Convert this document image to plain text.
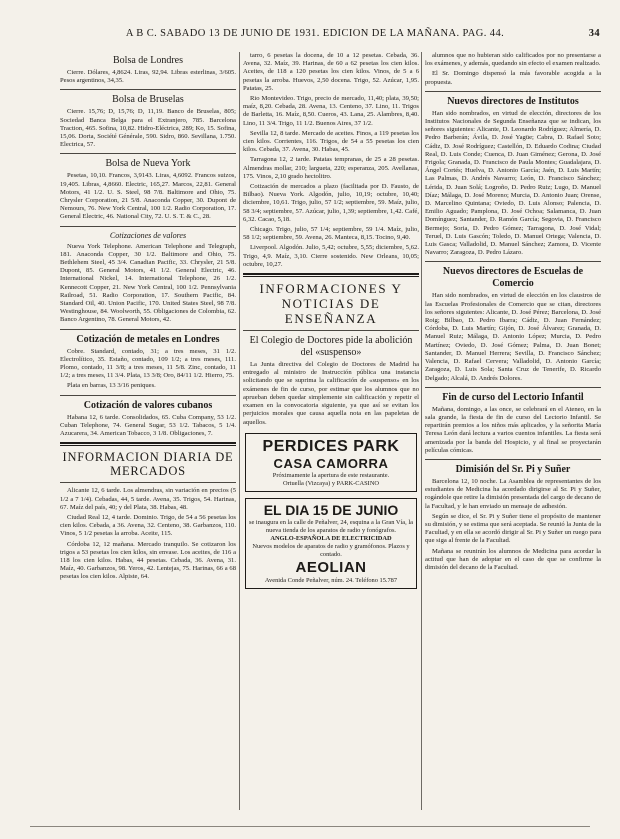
A B C. SABADO 13 DE JUNIO DE 1931. EDICION DE LA MAÑANA. PAG. 44.	34
Bolsa de Londres

Cierre. Dólares, 4,8624. Liras, 92,94. Libras esterlinas, 3/605. Pesos argentinos, 34,35.

Bolsa de Bruselas

Cierre. 15,76; D, 15,76; D, 11,19. Banco de Bruselas, 805; Sociedad Banca Belga para el Extranjero, 785. Barcelona Traction, 465. Sofina, 10,82. Hidro-Eléctrica, 289; Ko, 15. Sofina, 15,06. Dorta, Société Générale, 590. Sidro, 860. Sevillana, 1.750. Electrica, 57.

Bolsa de Nueva York

Pesetas, 10,10. Francos, 3,9143. Liras, 4,6092. Francos suizos, 19,405. Libras, 4,8660. Electric, 165,27. Marcos, 22,81. General Motors, 41 1/2. U. S. Steel, 98 7/8. Baltimore and Ohio, 75. Chrysler Corporation, 21 5/8. Anaconda Copper, 30. Dupont de Nemours, 76. New York Central, 100 1/2. Radio Corporation, 17. General Electric, 46. National City, 72. U. S. T. & C., 28.

Cotizaciones de valores

Nueva York Telephone. American Telephone and Telegraph, 181. Anaconda Copper, 30 1/2. Baltimore and Ohio, 75. Bethlehem Steel, 45 3/4. Canadian Pacific, 33. Chrysler, 21 5/8. Dupont, 85. General Motors, 41 1/2. General Electric, 46. International Nickel, 14. International Telephone, 26 1/2. Kennecott Copper, 21. New York Central, 100 1/2. Pennsylvania Railroad, 51. Radio Corporation, 17. Southern Pacific, 84. Standard Oil, 40. Union Pacific, 170. United States Steel, 98 7/8. Westinghouse, 84. Woolworth, 55. Obligaciones de Colombia, 62. Banco Argentino, 78. General Motors, 42.

Cotización de metales en Londres

Cobre. Standard, contado, 31; a tres meses, 31 1/2. Electrolítico, 35. Estaño, contado, 109 1/2; a tres meses, 111. Plomo, contado, 11 3/8; a tres meses, 11 5/8. Zinc, contado, 11 1/2; a tres meses, 11 3/4. Plata, 13 3/8; Oro, 84/11 1/2. Hierro, 75.

Plata en barras, 13 3/16 peniques.

Cotización de valores cubanos

Habana 12, 6 tarde. Consolidados, 65. Cuba Company, 53 1/2. Cuban Telephone, 74. General Sugar, 53 1/2. Tabacos, 5 1/4. Azucarera, 34. American Tobacco, 3 1/8. Obligaciones, 7.

INFORMACION DIARIA DE MERCADOS

Alicante 12, 6 tarde. Los almendras, sin variación en precios (5 1/2 a 7 1/4). Cebadas, 44, 5 tarde. Avena, 35. Trigos, 54. Harinas, 67. Maíz del país, 40; y del Plata, 38. Habas, 48.

Ciudad Real 12, 4 tarde. Dominio. Trigo, de 54 a 56 pesetas los cien kilos. Cebada, a 36. Avena, 32. Centeno, 38. Garbanzos, 110. Vinos, 5 1/2 pesetas la arroba. Aceite, 115.

Córdoba 12, 12 mañana. Mercado tranquilo. Se cotizaron los trigos a 53 pesetas los cien kilos, sin envase. Los aceites, de 116 a 118 los cien kilos. Habas, 44 pesetas. Cebada, 36. Avena, 31. Maíz, 40. Garbanzos, 98. Yeros, 42. Lentejas, 75. Harinas, 66 a 68 pesetas los cien kilos. Alpiste, 64.

tarro, 6 pesetas la docena, de 10 a 12 pesetas. Cebada, 36. Avena, 32. Maíz, 39. Harinas, de 60 a 62 pesetas los cien kilos. Aceites, de 118 a 120 pesetas los cien kilos. Vinos, de 5 a 6 pesetas la arroba. Huevos, 2,50 docena. Trigo, 52. Azúcar, 1,95. Patatas, 25.

Rio Montevideo. Trigo, precio de mercado, 11,40; plata, 39,50; maíz, 8,20. Cebada, 28. Avena, 13. Centeno, 37. Lino, 11. Trigos de Barletta, 16. Maíz, 8,50. Cueros, 43. Lana, 25. Alambres, 8,40. Lino, 11 3/4. Trigo, 11 1/2. Buenos Aires, 37 1/2.

Sevilla 12, 8 tarde. Mercado de aceites. Finos, a 119 pesetas los cien kilos. Corrientes, 116. Trigos, de 54 a 55 pesetas los cien kilos. Cebada, 37. Avena, 30. Habas, 45.

Tarragona 12, 2 tarde. Patatas tempranas, de 25 a 28 pesetas. Almendras mollar, 210; largueta, 220; esperanza, 205. Avellanas, 175. Vinos, 2,10 grado hectolitro.

Cotización de mercados a plazo (facilitada por D. Fausto, de Bilbao). Nueva York. Algodón, julio, 10,19; octubre, 10,40; diciembre, 10,61. Trigo, julio, 57 1/2; septiembre, 59. Maíz, julio, 58 3/4; septiembre, 57. Azúcar, julio, 1,39; septiembre, 1,42. Café, 6,32. Cacao, 5,18.

Chicago. Trigo, julio, 57 1/4; septiembre, 59 1/4. Maíz, julio, 58 1/2; septiembre, 59. Avena, 26. Manteca, 8,15. Tocino, 9,40.

Liverpool. Algodón. Julio, 5,42; octubre, 5,55; diciembre, 5,62. Trigo, 4,9. Maíz, 3,10. Cierre sostenido. New Orleans, 10,05; octubre, 10,27.

INFORMACIONES Y NOTICIAS DE ENSEÑANZA
El Colegio de Doctores pide la abolición del «suspenso»

La Junta directiva del Colegio de Doctores de Madrid ha entregado al ministro de Instrucción pública una instancia solicitando que se suprima la calificación de «suspenso» en los exámenes de fin de curso, por estimar que los alumnos que no aprueban deben quedar simplemente sin calificación y repetir el examen en la convocatoria siguiente, ya que así se evitan los perjuicios morales que causa aquella nota en las papeletas de aquellos.

PERDICES PARK
CASA CAMORRA
Próximamente la apertura de este restaurante.
Ortuella (Vizcaya) y PARK-CASINO
EL DIA 15 DE JUNIO
se inaugura en la calle de Peñalver, 24, esquina a la Gran Vía, la nueva tienda de los aparatos de radio y fonógrafos.
ANGLO-ESPAÑOLA DE ELECTRICIDAD
Nuevos modelos de aparatos de radio y gramófonos. Plazos y contado.
AEOLIAN
Avenida Conde Peñalver, núm. 24. Teléfono 15.787

alumnos que no hubieran sido calificados por no presentarse a los exámenes, y además, quedando sin efecto el examen realizado.

El Sr. Domingo dispensó la más favorable acogida a la propuesta.

Nuevos directores de Institutos

Han sido nombrados, en virtud de elección, directores de los Institutos Nacionales de Segunda Enseñanza que se indican, los señores siguientes: Alicante, D. Leonardo Rodríguez; Almería, D. Pedro Barberán; Ávila, D. José Yagüe; Cabra, D. Rafael Soto; Cádiz, D. José Rodríguez; Castellón, D. Eduardo Codina; Ciudad Real, D. Luis Conde; Cuenca, D. Juan Giménez; Gerona, D. José Frigola; Granada, D. Francisco de Paula Montes; Guadalajara, D. Ángel Cortés; Huelva, D. Antonio García; Jaén, D. Luis Martín; Las Palmas, D. Andrés Navarro; León, D. Francisco Sánchez; Lérida, D. Juan Solá; Logroño, D. Pedro Ruiz; Lugo, D. Manuel Díaz; Málaga, D. José Moreno; Murcia, D. Antonio Juan; Orense, D. Marcelino Quintana; Oviedo, D. Luis Alonso; Palencia, D. Emilio Aguado; Pamplona, D. José Ochoa; Salamanca, D. Juan Domínguez; Santander, D. Ramón García; Segovia, D. Francisco Bermejo; Soria, D. Pedro Gómez; Tarragona, D. José Vidal; Teruel, D. Luis Gascón; Toledo, D. Manuel Ortega; Valencia, D. Luis Gasca; Valladolid, D. Manuel Sánchez; Zamora, D. Vicente Navarro; Zaragoza, D. Pedro Lázaro.

Nuevos directores de Escuelas de Comercio

Han sido nombrados, en virtud de elección en los claustros de las Escuelas Profesionales de Comercio que se citan, directores los señores siguientes: Alicante, D. José Pérez; Barcelona, D. José Roig; Bilbao, D. Pedro Ibarra; Cádiz, D. Juan Fernández; Córdoba, D. Luis Martín; Gijón, D. José Álvarez; Granada, D. Manuel Ruiz; Málaga, D. Antonio López; Murcia, D. Pedro Martínez; Oviedo, D. José Gómez; Palma, D. Juan Bonet; Santander, D. Manuel Herrera; Sevilla, D. Francisco Sánchez; Valencia, D. Rafael Cervera; Valladolid, D. Antonio García; Zaragoza, D. Luis Sola; Santa Cruz de Tenerife, D. Ricardo Delgado; Alcalá, D. Andrés Dolores.

Fin de curso del Lectorio Infantil

Mañana, domingo, a las once, se celebrará en el Ateneo, en la sala grande, la fiesta de fin de curso del Lectorio Infantil. Se repartirán premios a los niños más aplicados, y la señorita María Teresa León dará lectura a varios cuentos infantiles. La fiesta será amenizada por la banda del Hospicio, y al final se proyectarán películas cómicas.

Dimisión del Sr. Pi y Suñer

Barcelona 12, 10 noche. La Asamblea de representantes de los estudiantes de Medicina ha acordado dirigirse al Sr. Pi y Suñer, rogándole que retire la dimisión presentada del cargo de decano de la Facultad, y le han enviado un mensaje de adhesión.

Según se dice, el Sr. Pi y Suñer tiene el propósito de mantener su dimisión, y se estima que será aceptada. Se reunió la Junta de la Facultad, y en ella se acordó dirigir al Sr. Pi y Suñer un ruego para que siga al frente de la Facultad.

Mañana se reunirán los alumnos de Medicina para acordar la actitud que han de adoptar en el caso de que se confirme la dimisión del decano de la Facultad.
